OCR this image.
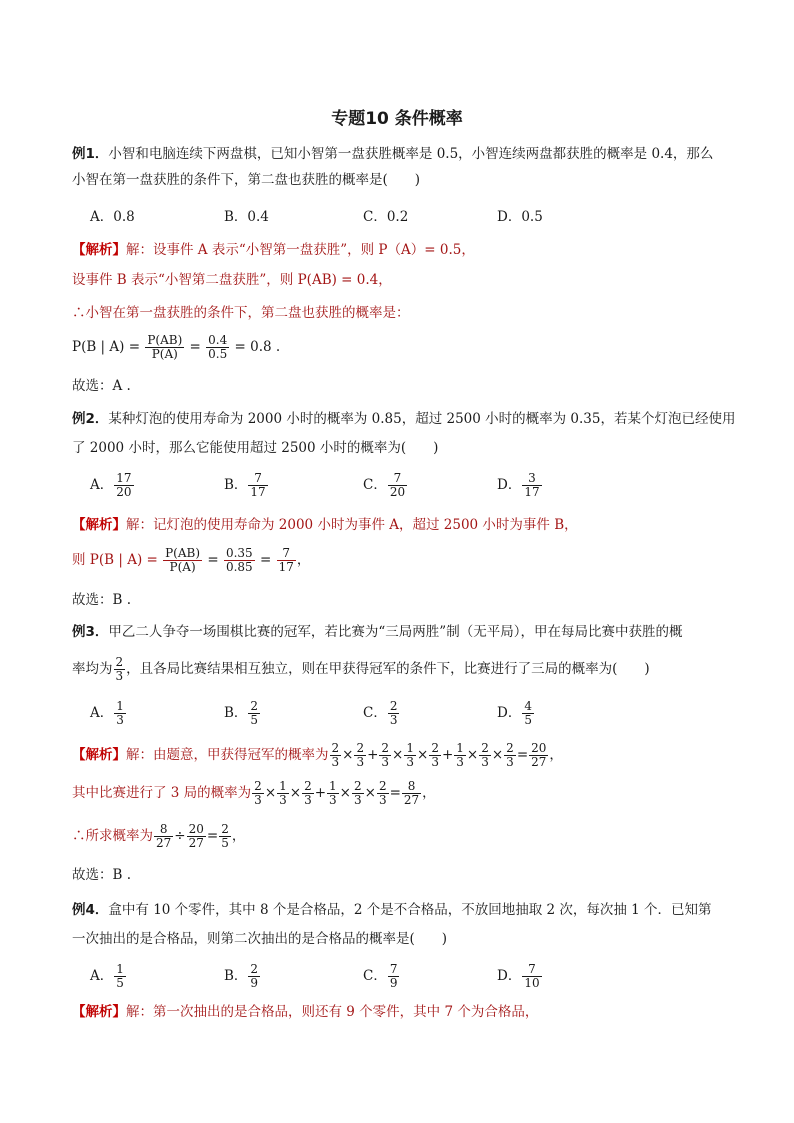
专题10 条件概率
例1．小智和电脑连续下两盘棋，已知小智第一盘获胜概率是 0.5，小智连续两盘都获胜的概率是 0.4，那么
小智在第一盘获胜的条件下，第二盘也获胜的概率是(　　)
A．0.8	B．0.4	C．0.2	D．0.5
【解析】解：设事件 A 表示“小智第一盘获胜”，则 P（A）= 0.5，
设事件 B 表示“小智第二盘获胜”，则 P(AB) = 0.4，
∴小智在第一盘获胜的条件下，第二盘也获胜的概率是：
P(B | $A) = \frac{P(AB)}{P(A)} = \frac{0.4}{0.5} = 0.8$ .
故选：A .
例2．某种灯泡的使用寿命为 2000 小时的概率为 0.85，超过 2500 小时的概率为 0.35，若某个灯泡已经使用
了 2000 小时，那么它能使用超过 2500 小时的概率为(　　)
A． $\frac{17}{20}$	B． $\frac{7}{17}$	C． $\frac{7}{20}$	D． $\frac{3}{17}$
【解析】解：记灯泡的使用寿命为 2000 小时为事件 A，超过 2500 小时为事件 B，
则 P(B | $A) = \frac{P(AB)}{P(A)} = \frac{0.35}{0.85} = \frac{7}{17}$ ，
故选：B .
例3．甲乙二人争夺一场围棋比赛的冠军，若比赛为“三局两胜”制（无平局），甲在每局比赛中获胜的概
率均为 $\frac{2}{3}$ ，且各局比赛结果相互独立，则在甲获得冠军的条件下，比赛进行了三局的概率为(　　)
A． $\frac{1}{3}$	B． $\frac{2}{5}$	C． $\frac{2}{3}$	D． $\frac{4}{5}$
【解析】解：由题意，甲获得冠军的概率为 $\frac{2}{3} \times \frac{2}{3} + \frac{2}{3} \times \frac{1}{3} \times \frac{2}{3} + \frac{1}{3} \times \frac{2}{3} \times \frac{2}{3} = \frac{20}{27}$ ，
其中比赛进行了 3 局的概率为 $\frac{2}{3} \times \frac{1}{3} \times \frac{2}{3} + \frac{1}{3} \times \frac{2}{3} \times \frac{2}{3} = \frac{8}{27}$ ，
∴所求概率为 $\frac{8}{27} \div \frac{20}{27} = \frac{2}{5}$ ，
故选：B .
例4．盒中有 10 个零件，其中 8 个是合格品，2 个是不合格品，不放回地抽取 2 次，每次抽 1 个．已知第
一次抽出的是合格品，则第二次抽出的是合格品的概率是(　　)
A． $\frac{1}{5}$	B． $\frac{2}{9}$	C． $\frac{7}{9}$	D． $\frac{7}{10}$
【解析】解：第一次抽出的是合格品，则还有 9 个零件，其中 7 个为合格品，
